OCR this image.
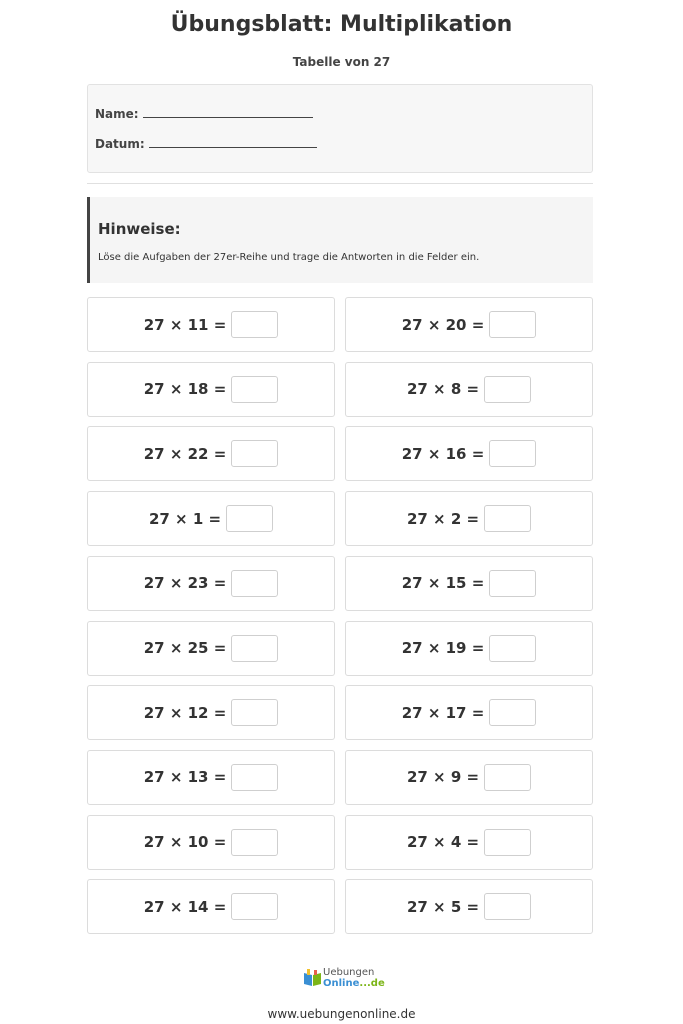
Übungsblatt: Multiplikation
Tabelle von 27
Name:
Datum:
Hinweise:
Löse die Aufgaben der 27er-Reihe und trage die Antworten in die Felder ein.
27 × 11 =	27 × 20 =
27 × 18 =	27 × 8 =
27 × 22 =	27 × 16 =
27 × 1 =	27 × 2 =
27 × 23 =	27 × 15 =
27 × 25 =	27 × 19 =
27 × 12 =	27 × 17 =
27 × 13 =	27 × 9 =
27 × 10 =	27 × 4 =
27 × 14 =	27 × 5 =
Uebungen
Online...de
www.uebungenonline.de
